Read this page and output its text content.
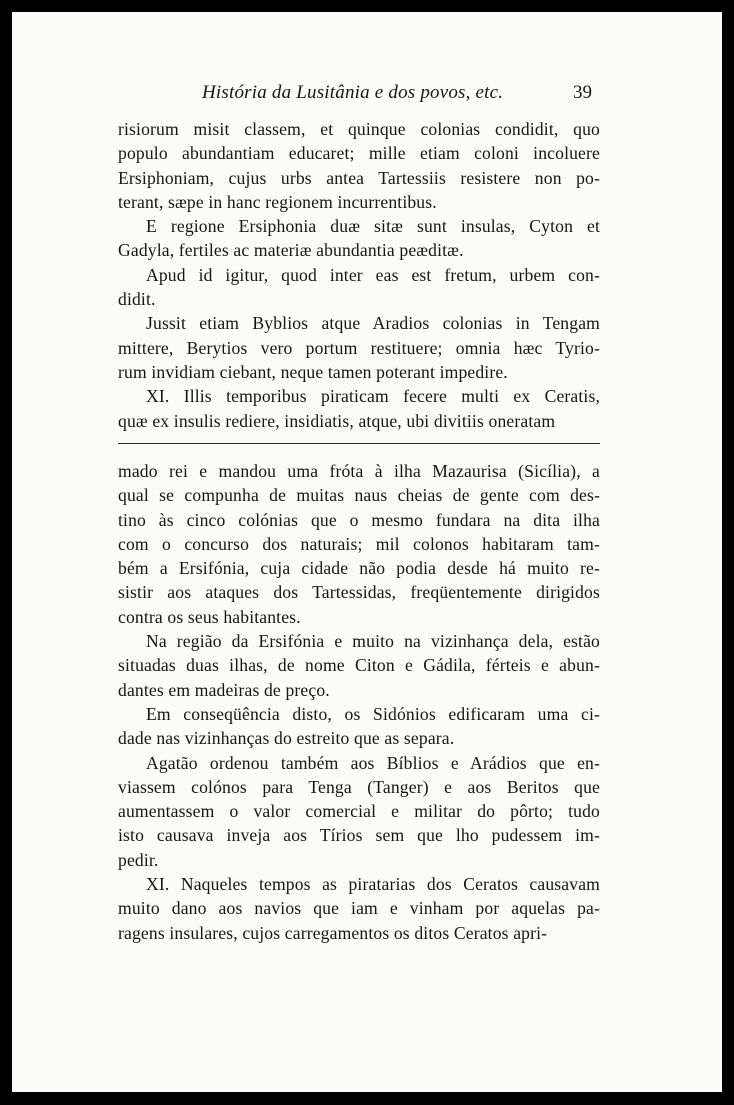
História da Lusitânia e dos povos, etc.	39
risiorum misit classem, et quinque colonias condidit, quo
populo abundantiam educaret; mille etiam coloni incoluere
Ersiphoniam, cujus urbs antea Tartessiis resistere non po-
terant, sæpe in hanc regionem incurrentibus.
E regione Ersiphonia duæ sitæ sunt insulas, Cyton et
Gadyla, fertiles ac materiæ abundantia peæditæ.
Apud id igitur, quod inter eas est fretum, urbem con-
didit.
Jussit etiam Byblios atque Aradios colonias in Tengam
mittere, Berytios vero portum restituere; omnia hæc Tyrio-
rum invidiam ciebant, neque tamen poterant impedire.
XI. Illis temporibus piraticam fecere multi ex Ceratis,
quæ ex insulis rediere, insidiatis, atque, ubi divitiis oneratam
mado rei e mandou uma fróta à ilha Mazaurisa (Sicília), a
qual se compunha de muitas naus cheias de gente com des-
tino às cinco colónias que o mesmo fundara na dita ilha
com o concurso dos naturais; mil colonos habitaram tam-
bém a Ersifónia, cuja cidade não podia desde há muito re-
sistir aos ataques dos Tartessidas, freqüentemente dirigidos
contra os seus habitantes.
Na região da Ersifónia e muito na vizinhança dela, estão
situadas duas ilhas, de nome Citon e Gádila, férteis e abun-
dantes em madeiras de preço.
Em conseqüência disto, os Sidónios edificaram uma ci-
dade nas vizinhanças do estreito que as separa.
Agatão ordenou também aos Bíblios e Arádios que en-
viassem colónos para Tenga (Tanger) e aos Beritos que
aumentassem o valor comercial e militar do pôrto; tudo
isto causava inveja aos Tírios sem que lho pudessem im-
pedir.
XI. Naqueles tempos as piratarias dos Ceratos causavam
muito dano aos navios que iam e vinham por aquelas pa-
ragens insulares, cujos carregamentos os ditos Ceratos apri-
